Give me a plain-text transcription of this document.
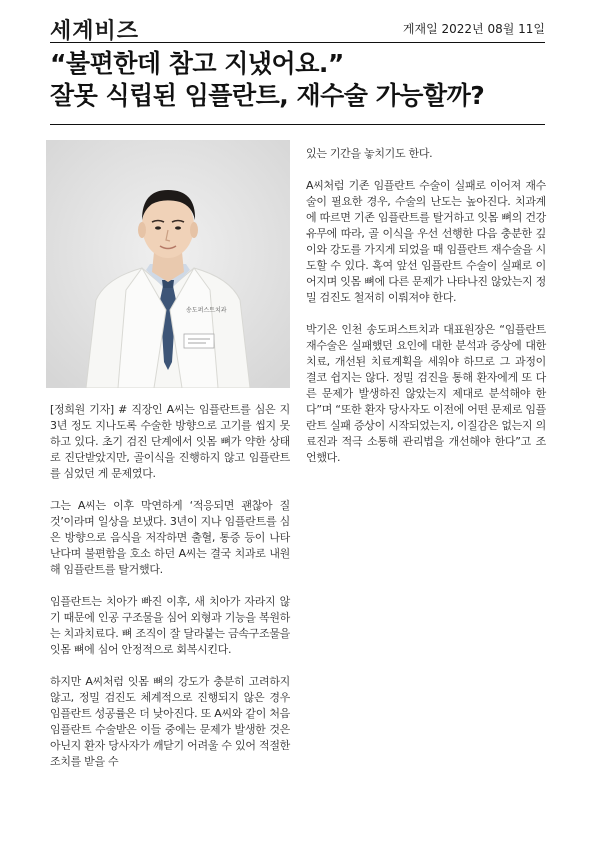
세계비즈	게재일 2022년 08월 11일
“불편한데 참고 지냈어요.”
잘못 식립된 임플란트, 재수술 가능할까?
송도퍼스트치과

[정희원 기자] # 직장인 A씨는 임플란트를 심은 지 3년 정도 지나도록 수술한 방향으로 고기를 씹지 못하고 있다. 초기 검진 단계에서 잇몸 뼈가 약한 상태로 진단받았지만, 골이식을 진행하지 않고 임플란트를 심었던 게 문제였다.

그는 A씨는 이후 막연하게 ‘적응되면 괜찮아 질 것’이라며 일상을 보냈다. 3년이 지나 임플란트를 심은 방향으로 음식을 저작하면 출혈, 통증 등이 나타난다며 불편함을 호소 하던 A씨는 결국 치과로 내원해 임플란트를 탈거했다.

임플란트는 치아가 빠진 이후, 새 치아가 자라지 않기 때문에 인공 구조물을 심어 외형과 기능을 복원하는 치과치료다. 뼈 조직이 잘 달라붙는 금속구조물을 잇몸 뼈에 심어 안정적으로 회복시킨다.

하지만 A씨처럼 잇몸 뼈의 강도가 충분히 고려하지 않고, 정밀 검진도 체계적으로 진행되지 않은 경우 임플란트 성공률은 더 낮아진다. 또 A씨와 같이 처음 임플란트 수술받은 이들 중에는 문제가 발생한 것은 아닌지 환자 당사자가 깨닫기 어려울 수 있어 적절한 조치를 받을 수

있는 기간을 놓치기도 한다.

A씨처럼 기존 임플란트 수술이 실패로 이어져 재수술이 필요한 경우, 수술의 난도는 높아진다. 치과계에 따르면 기존 임플란트를 탈거하고 잇몸 뼈의 건강 유무에 따라, 골 이식을 우선 선행한 다음 충분한 깊이와 강도를 가지게 되었을 때 임플란트 재수술을 시도할 수 있다. 혹여 앞선 임플란트 수술이 실패로 이어지며 잇몸 뼈에 다른 문제가 나타나진 않았는지 정밀 검진도 철저히 이뤄져야 한다.

박기은 인천 송도퍼스트치과 대표원장은 “임플란트 재수술은 실패했던 요인에 대한 분석과 증상에 대한 치료, 개선된 치료계획을 세워야 하므로 그 과정이 결코 쉽지는 않다. 정밀 검진을 통해 환자에게 또 다른 문제가 발생하진 않았는지 제대로 분석해야 한다”며 “또한 환자 당사자도 이전에 어떤 문제로 임플란트 실패 증상이 시작되었는지, 이질감은 없는지 의료진과 적극 소통해 관리법을 개선해야 한다”고 조언했다.
